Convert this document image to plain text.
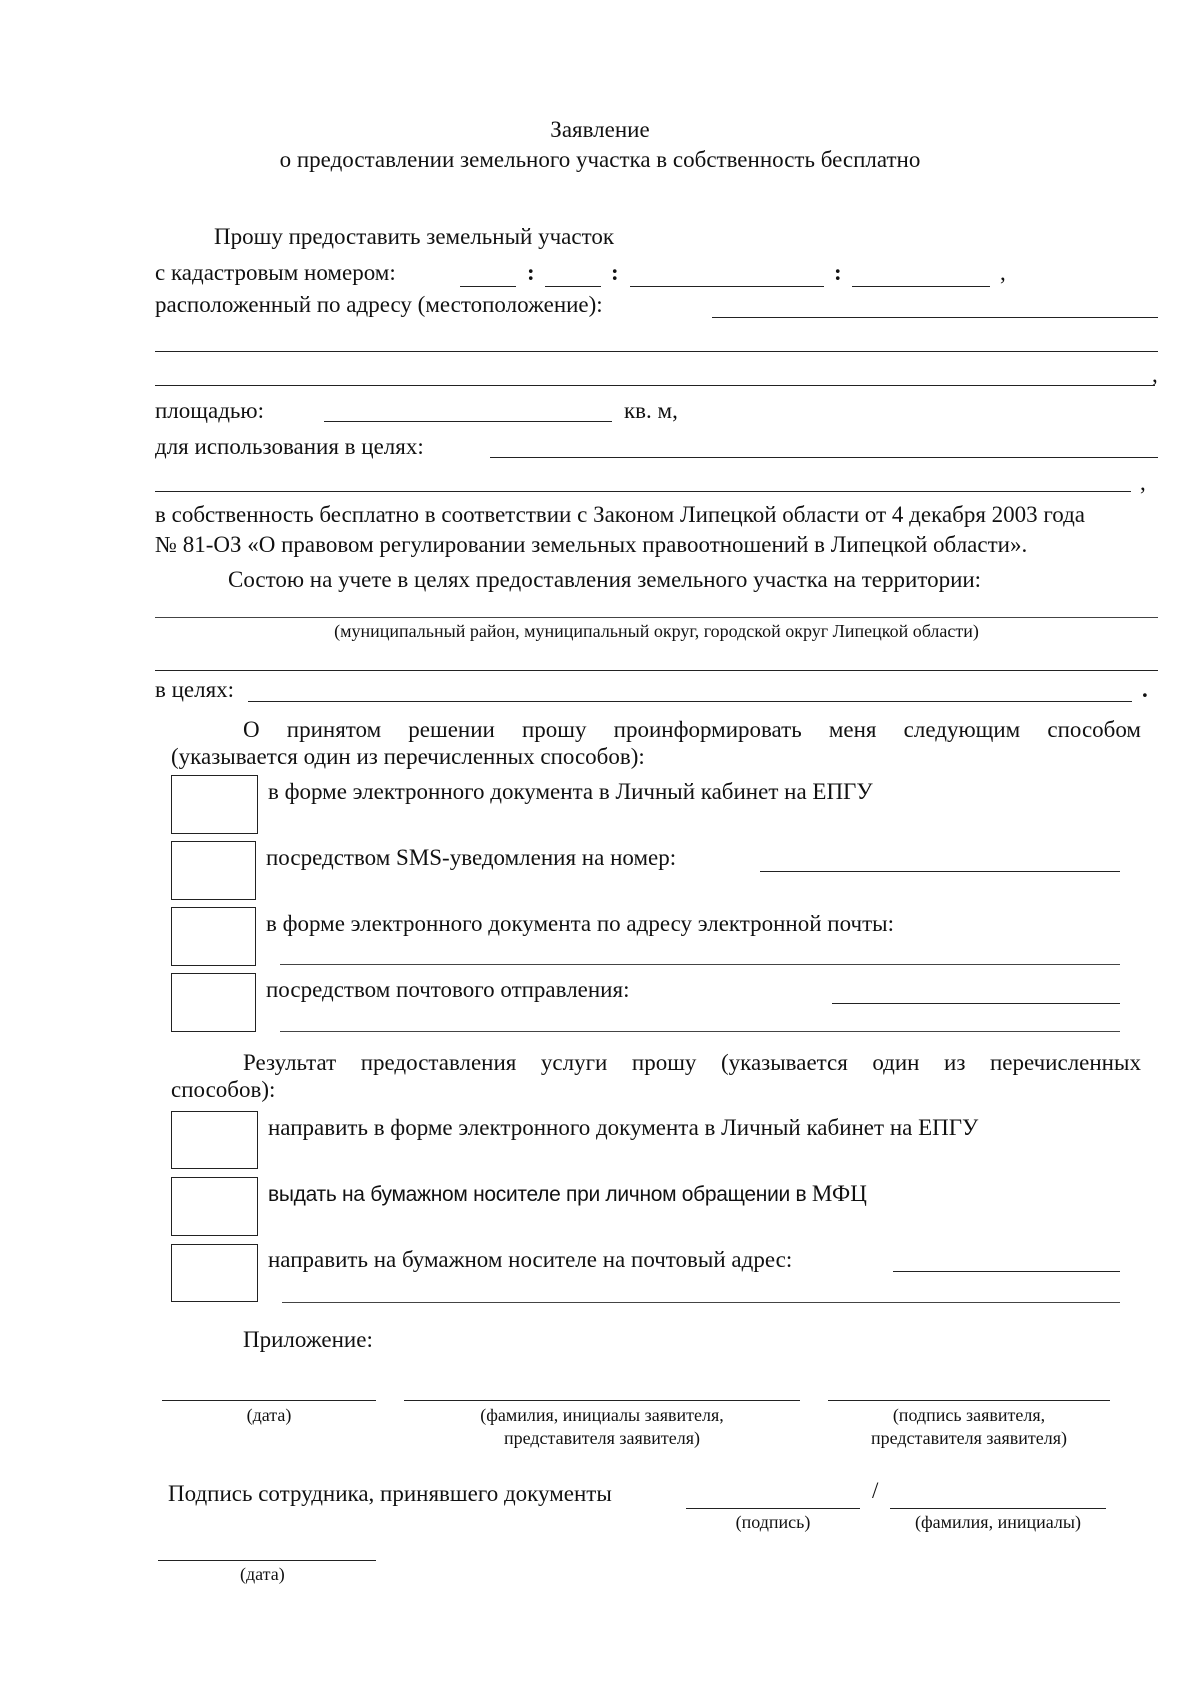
Заявление
о предоставлении земельного участка в собственность бесплатно
Прошу предоставить земельный участок
с кадастровым номером:	:	:	:	,
расположенный по адресу (местоположение):
,
площадью:	кв. м,
для использования в целях:
,
в собственность бесплатно в соответствии с Законом Липецкой области от 4 декабря 2003 года
№ 81-ОЗ «О правовом регулировании земельных правоотношений в Липецкой области».
Состою на учете в целях предоставления земельного участка на территории:
(муниципальный район, муниципальный округ, городской округ Липецкой области)
в целях:	.
О принятом решении прошу проинформировать меня следующим способом
(указывается один из перечисленных способов):
в форме электронного документа в Личный кабинет на ЕПГУ
посредством SMS-уведомления на номер:
в форме электронного документа по адресу электронной почты:
посредством почтового отправления:
Результат предоставления услуги прошу (указывается один из перечисленных
способов):
направить в форме электронного документа в Личный кабинет на ЕПГУ
выдать на бумажном носителе при личном обращении в МФЦ
направить на бумажном носителе на почтовый адрес:
Приложение:
(дата)	(фамилия, инициалы заявителя,
представителя заявителя)
(подпись заявителя,
представителя заявителя)
Подпись сотрудника, принявшего документы
(подпись)
/
(фамилия, инициалы)
(дата)
